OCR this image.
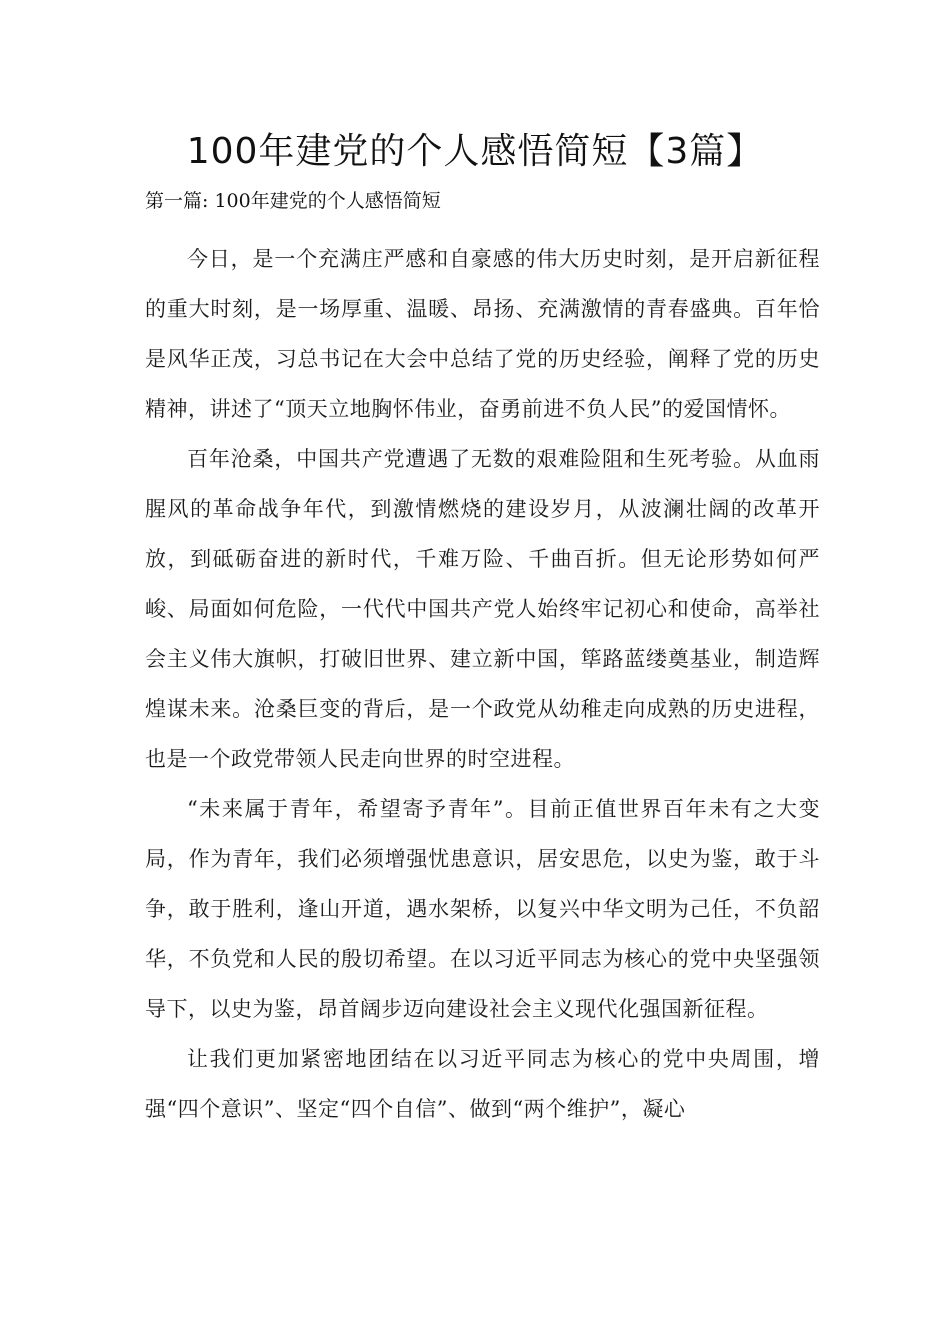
100年建党的个人感悟简短【3篇】
第一篇: 100年建党的个人感悟简短

今日，是一个充满庄严感和自豪感的伟大历史时刻，是开启新征程的重大时刻，是一场厚重、温暖、昂扬、充满激情的青春盛典。百年恰是风华正茂，习总书记在大会中总结了党的历史经验，阐释了党的历史精神，讲述了“顶天立地胸怀伟业，奋勇前进不负人民”的爱国情怀。

百年沧桑，中国共产党遭遇了无数的艰难险阻和生死考验。从血雨腥风的革命战争年代，到激情燃烧的建设岁月，从波澜壮阔的改革开放，到砥砺奋进的新时代，千难万险、千曲百折。但无论形势如何严峻、局面如何危险，一代代中国共产党人始终牢记初心和使命，高举社会主义伟大旗帜，打破旧世界、建立新中国，筚路蓝缕奠基业，制造辉煌谋未来。沧桑巨变的背后，是一个政党从幼稚走向成熟的历史进程，也是一个政党带领人民走向世界的时空进程。

“未来属于青年，希望寄予青年”。目前正值世界百年未有之大变局，作为青年，我们必须增强忧患意识，居安思危，以史为鉴，敢于斗争，敢于胜利，逢山开道，遇水架桥，以复兴中华文明为己任，不负韶华，不负党和人民的殷切希望。在以习近平同志为核心的党中央坚强领导下，以史为鉴，昂首阔步迈向建设社会主义现代化强国新征程。

让我们更加紧密地团结在以习近平同志为核心的党中央周围，增强“四个意识”、坚定“四个自信”、做到“两个维护”，凝心
